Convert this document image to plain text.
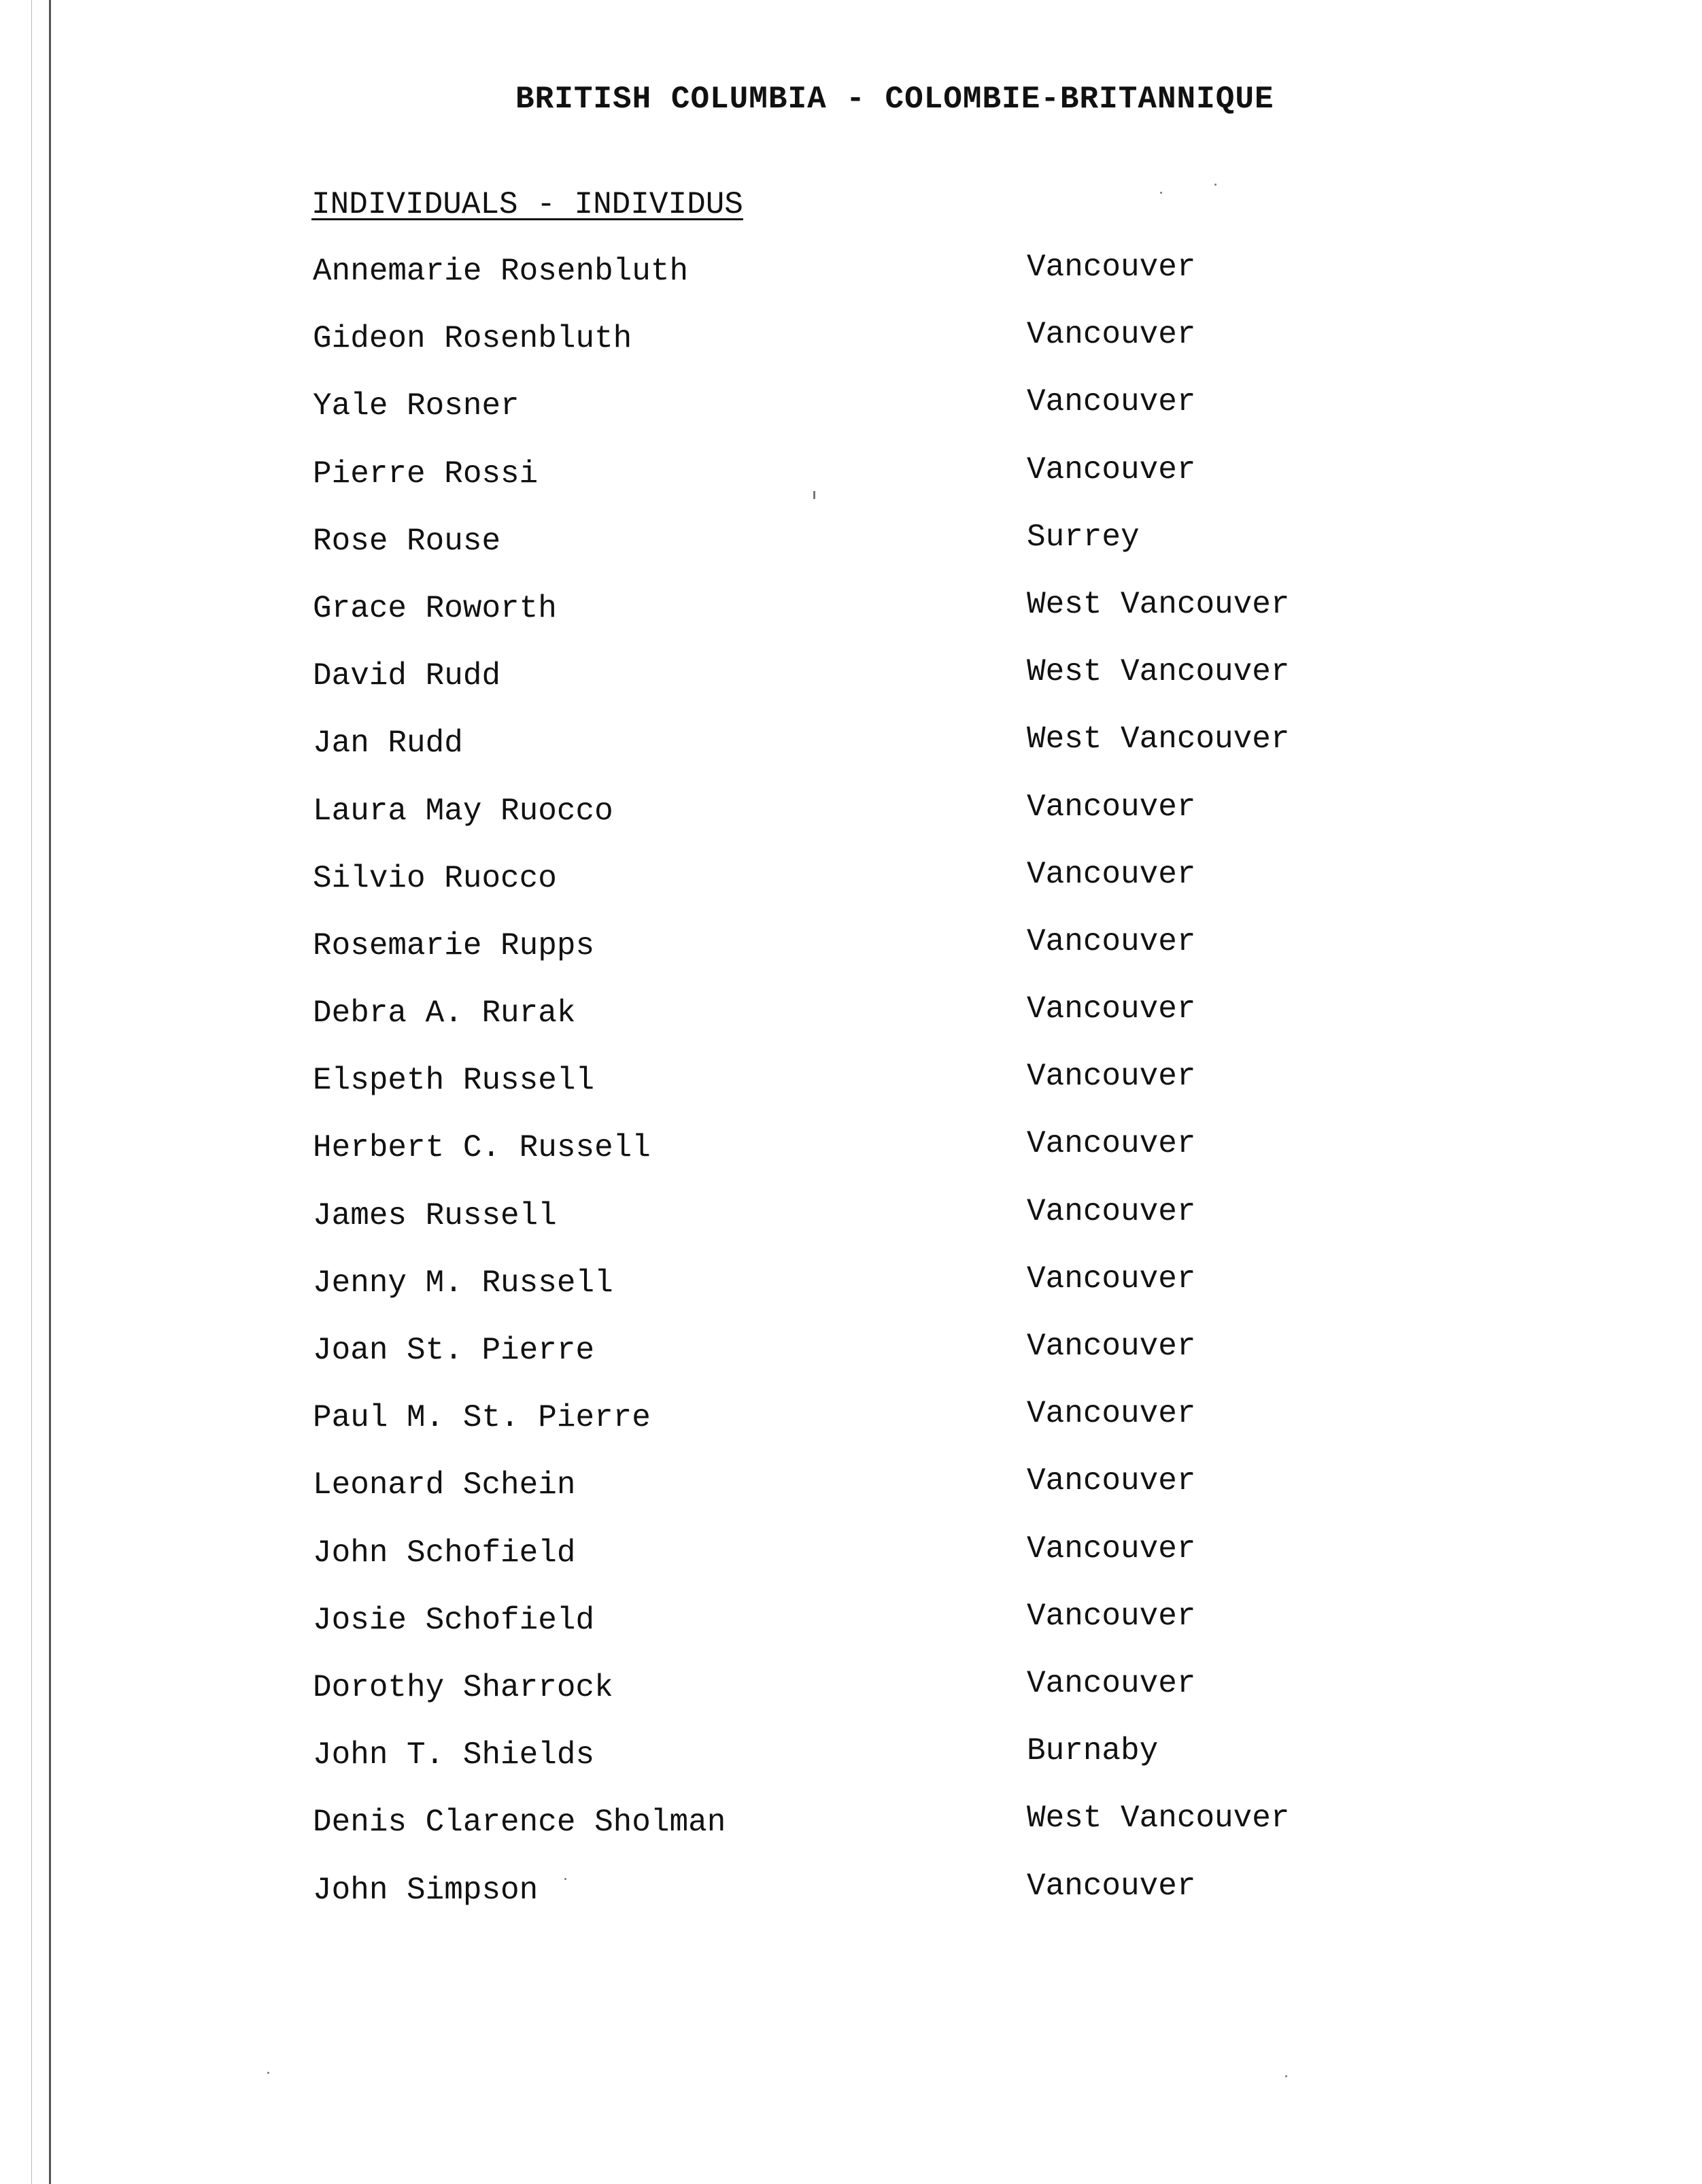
BRITISH COLUMBIA - COLOMBIE-BRITANNIQUE
INDIVIDUALS - INDIVIDUS
Annemarie Rosenbluth	Vancouver
Gideon Rosenbluth	Vancouver
Yale Rosner	Vancouver
Pierre Rossi	Vancouver
Rose Rouse	Surrey
Grace Roworth	West Vancouver
David Rudd	West Vancouver
Jan Rudd	West Vancouver
Laura May Ruocco	Vancouver
Silvio Ruocco	Vancouver
Rosemarie Rupps	Vancouver
Debra A. Rurak	Vancouver
Elspeth Russell	Vancouver
Herbert C. Russell	Vancouver
James Russell	Vancouver
Jenny M. Russell	Vancouver
Joan St. Pierre	Vancouver
Paul M. St. Pierre	Vancouver
Leonard Schein	Vancouver
John Schofield	Vancouver
Josie Schofield	Vancouver
Dorothy Sharrock	Vancouver
John T. Shields	Burnaby
Denis Clarence Sholman	West Vancouver
John Simpson	Vancouver
